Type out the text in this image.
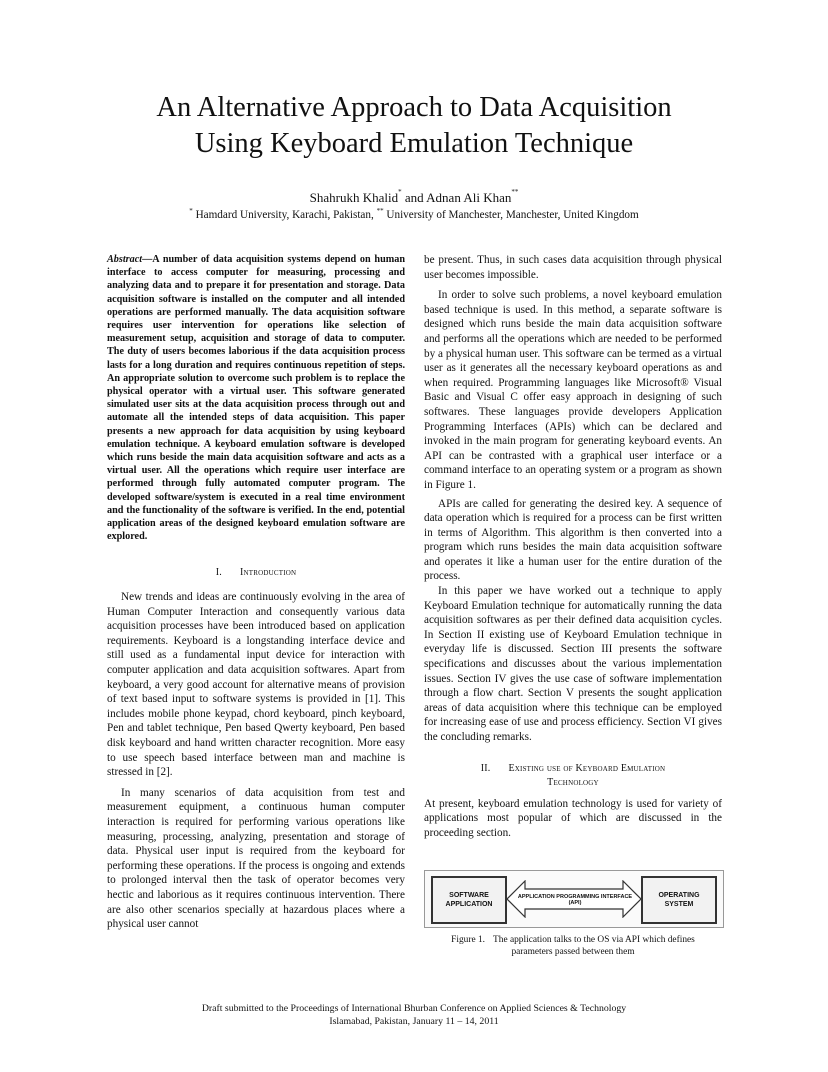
An Alternative Approach to Data Acquisition
Using Keyboard Emulation Technique
Shahrukh Khalid* and Adnan Ali Khan**
* Hamdard University, Karachi, Pakistan, ** University of Manchester, Manchester, United Kingdom

Abstract—A number of data acquisition systems depend on human interface to access computer for measuring, processing and analyzing data and to prepare it for presentation and storage. Data acquisition software is installed on the computer and all intended operations are performed manually. The data acquisition software requires user intervention for operations like selection of measurement setup, acquisition and storage of data to computer. The duty of users becomes laborious if the data acquisition process lasts for a long duration and requires continuous repetition of steps. An appropriate solution to overcome such problem is to replace the physical operator with a virtual user. This software generated simulated user sits at the data acquisition process through out and automate all the intended steps of data acquisition. This paper presents a new approach for data acquisition by using keyboard emulation technique. A keyboard emulation software is developed which runs beside the main data acquisition software and acts as a virtual user. All the operations which require user interface are performed through fully automated computer program. The developed software/system is executed in a real time environment and the functionality of the software is verified. In the end, potential application areas of the designed keyboard emulation software are explored.

I. Introduction

New trends and ideas are continuously evolving in the area of Human Computer Interaction and consequently various data acquisition processes have been introduced based on application requirements. Keyboard is a longstanding interface device and still used as a fundamental input device for interaction with computer application and data acquisition softwares. Apart from keyboard, a very good account for alternative means of provision of text based input to software systems is provided in [1]. This includes mobile phone keypad, chord keyboard, pinch keyboard, Pen and tablet technique, Pen based Qwerty keyboard, Pen based disk keyboard and hand written character recognition. More easy to use speech based interface between man and machine is stressed in [2].

In many scenarios of data acquisition from test and measurement equipment, a continuous human computer interaction is required for performing various operations like measuring, processing, analyzing, presentation and storage of data. Physical user input is required from the keyboard for performing these operations. If the process is ongoing and extends to prolonged interval then the task of operator becomes very hectic and laborious as it requires continuous intervention. There are also other scenarios specially at hazardous places where a physical user cannot

be present. Thus, in such cases data acquisition through physical user becomes impossible.

In order to solve such problems, a novel keyboard emulation based technique is used. In this method, a separate software is designed which runs beside the main data acquisition software and performs all the operations which are needed to be performed by a physical human user. This software can be termed as a virtual user as it generates all the necessary keyboard operations as and when required. Programming languages like Microsoft® Visual Basic and Visual C offer easy approach in designing of such softwares. These languages provide developers Application Programming Interfaces (APIs) which can be declared and invoked in the main program for generating keyboard events. An API can be contrasted with a graphical user interface or a command interface to an operating system or a program as shown in Figure 1.

APIs are called for generating the desired key. A sequence of data operation which is required for a process can be first written in terms of Algorithm. This algorithm is then converted into a program which runs besides the main data acquisition software and operates it like a human user for the entire duration of the process.

In this paper we have worked out a technique to apply Keyboard Emulation technique for automatically running the data acquisition softwares as per their defined data acquisition cycles. In Section II existing use of Keyboard Emulation technique in everyday life is discussed. Section III presents the software specifications and discusses about the various implementation issues. Section IV gives the use case of software implementation through a flow chart. Section V presents the sought application areas of data acquisition where this technique can be employed for increasing ease of use and process efficiency. Section VI gives the concluding remarks.

II. Existing use of Keyboard Emulation
Technology

At present, keyboard emulation technology is used for variety of applications most popular of which are discussed in the proceeding section.

SOFTWARE
APPLICATION
APPLICATION PROGRAMMING INTERFACE (API)
OPERATING
SYSTEM
Figure 1. The application talks to the OS via API which defines parameters passed between them
Draft submitted to the Proceedings of International Bhurban Conference on Applied Sciences & Technology
Islamabad, Pakistan, January 11 – 14, 2011
